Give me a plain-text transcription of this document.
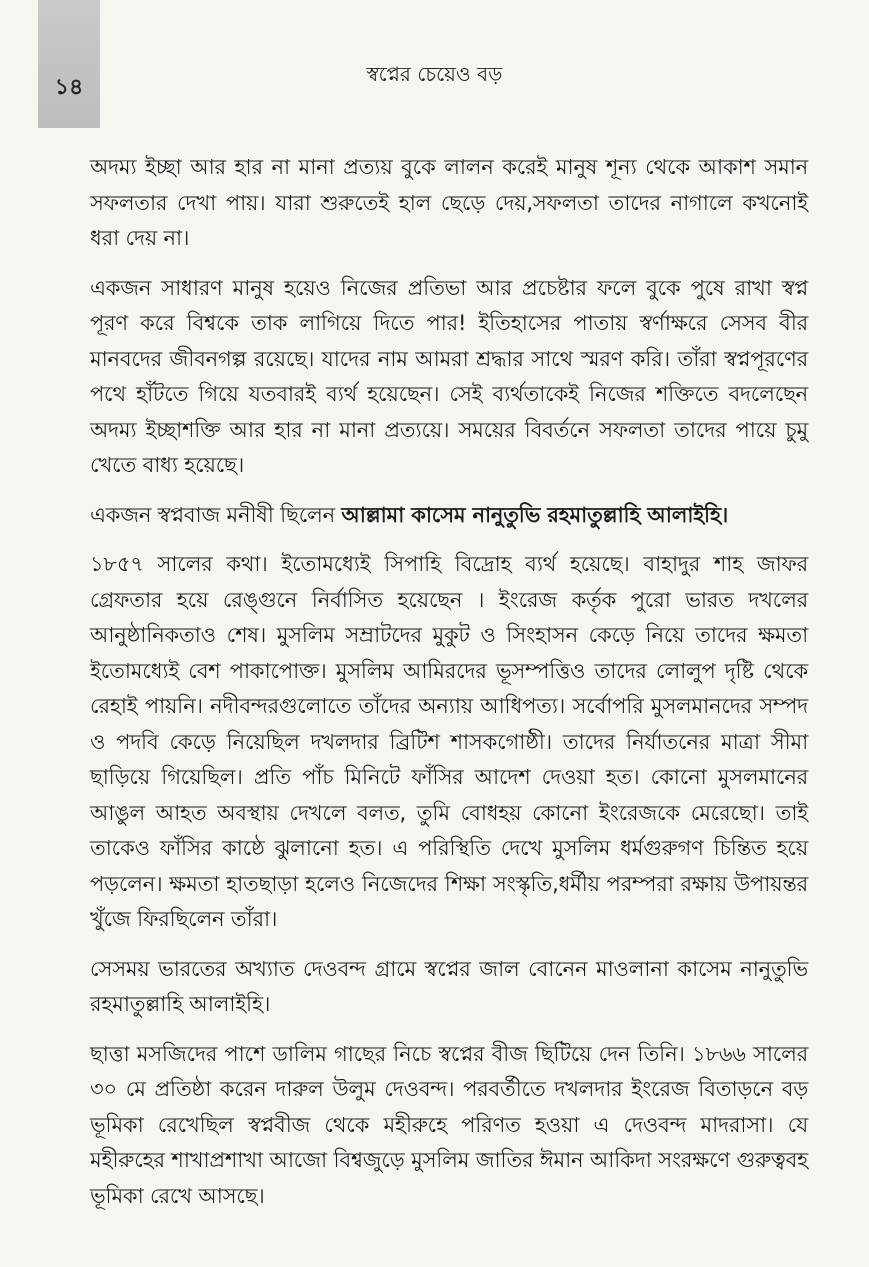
১৪
স্বপ্নের চেয়েও বড়

অদম্য ইচ্ছা আর হার না মানা প্রত্যয় বুকে লালন করেই মানুষ শূন্য থেকে আকাশ সমান সফলতার দেখা পায়। যারা শুরুতেই হাল ছেড়ে দেয়,সফলতা তাদের নাগালে কখনোই ধরা দেয় না।

একজন সাধারণ মানুষ হয়েও নিজের প্রতিভা আর প্রচেষ্টার ফলে বুকে পুষে রাখা স্বপ্ন পূরণ করে বিশ্বকে তাক লাগিয়ে দিতে পার! ইতিহাসের পাতায় স্বর্ণাক্ষরে সেসব বীর মানবদের জীবনগল্প রয়েছে। যাদের নাম আমরা শ্রদ্ধার সাথে স্মরণ করি। তাঁরা স্বপ্নপূরণের পথে হাঁটতে গিয়ে যতবারই ব্যর্থ হয়েছেন। সেই ব্যর্থতাকেই নিজের শক্তিতে বদলেছেন অদম্য ইচ্ছাশক্তি আর হার না মানা প্রত্যয়ে। সময়ের বিবর্তনে সফলতা তাদের পায়ে চুমু খেতে বাধ্য হয়েছে।

একজন স্বপ্নবাজ মনীষী ছিলেন আল্লামা কাসেম নানুতুভি রহমাতুল্লাহি আলাইহি।

১৮৫৭ সালের কথা। ইতোমধ্যেই সিপাহি বিদ্রোহ ব্যর্থ হয়েছে। বাহাদুর শাহ জাফর গ্রেফতার হয়ে রেঙ্গুনে নির্বাসিত হয়েছেন । ইংরেজ কর্তৃক পুরো ভারত দখলের আনুষ্ঠানিকতাও শেষ। মুসলিম সম্রাটদের মুকুট ও সিংহাসন কেড়ে নিয়ে তাদের ক্ষমতা ইতোমধ্যেই বেশ পাকাপোক্ত। মুসলিম আমিরদের ভূসম্পত্তিও তাদের লোলুপ দৃষ্টি থেকে রেহাই পায়নি। নদীবন্দরগুলোতে তাঁদের অন্যায় আধিপত্য। সর্বোপরি মুসলমানদের সম্পদ ও পদবি কেড়ে নিয়েছিল দখলদার ব্রিটিশ শাসকগোষ্ঠী। তাদের নির্যাতনের মাত্রা সীমা ছাড়িয়ে গিয়েছিল। প্রতি পাঁচ মিনিটে ফাঁসির আদেশ দেওয়া হত। কোনো মুসলমানের আঙুল আহত অবস্থায় দেখলে বলত, তুমি বোধহয় কোনো ইংরেজকে মেরেছো। তাই তাকেও ফাঁসির কাষ্ঠে ঝুলানো হত। এ পরিস্থিতি দেখে মুসলিম ধর্মগুরুগণ চিন্তিত হয়ে পড়লেন। ক্ষমতা হাতছাড়া হলেও নিজেদের শিক্ষা সংস্কৃতি,ধর্মীয় পরম্পরা রক্ষায় উপায়ন্তর খুঁজে ফিরছিলেন তাঁরা।

সেসময় ভারতের অখ্যাত দেওবন্দ গ্রামে স্বপ্নের জাল বোনেন মাওলানা কাসেম নানুতুভি রহমাতুল্লাহি আলাইহি।

ছাত্তা মসজিদের পাশে ডালিম গাছের নিচে স্বপ্নের বীজ ছিটিয়ে দেন তিনি। ১৮৬৬ সালের ৩০ মে প্রতিষ্ঠা করেন দারুল উলুম দেওবন্দ। পরবর্তীতে দখলদার ইংরেজ বিতাড়নে বড় ভূমিকা রেখেছিল স্বপ্নবীজ থেকে মহীরুহে পরিণত হওয়া এ দেওবন্দ মাদরাসা। যে মহীরুহের শাখাপ্রশাখা আজো বিশ্বজুড়ে মুসলিম জাতির ঈমান আকিদা সংরক্ষণে গুরুত্ববহ ভূমিকা রেখে আসছে।
